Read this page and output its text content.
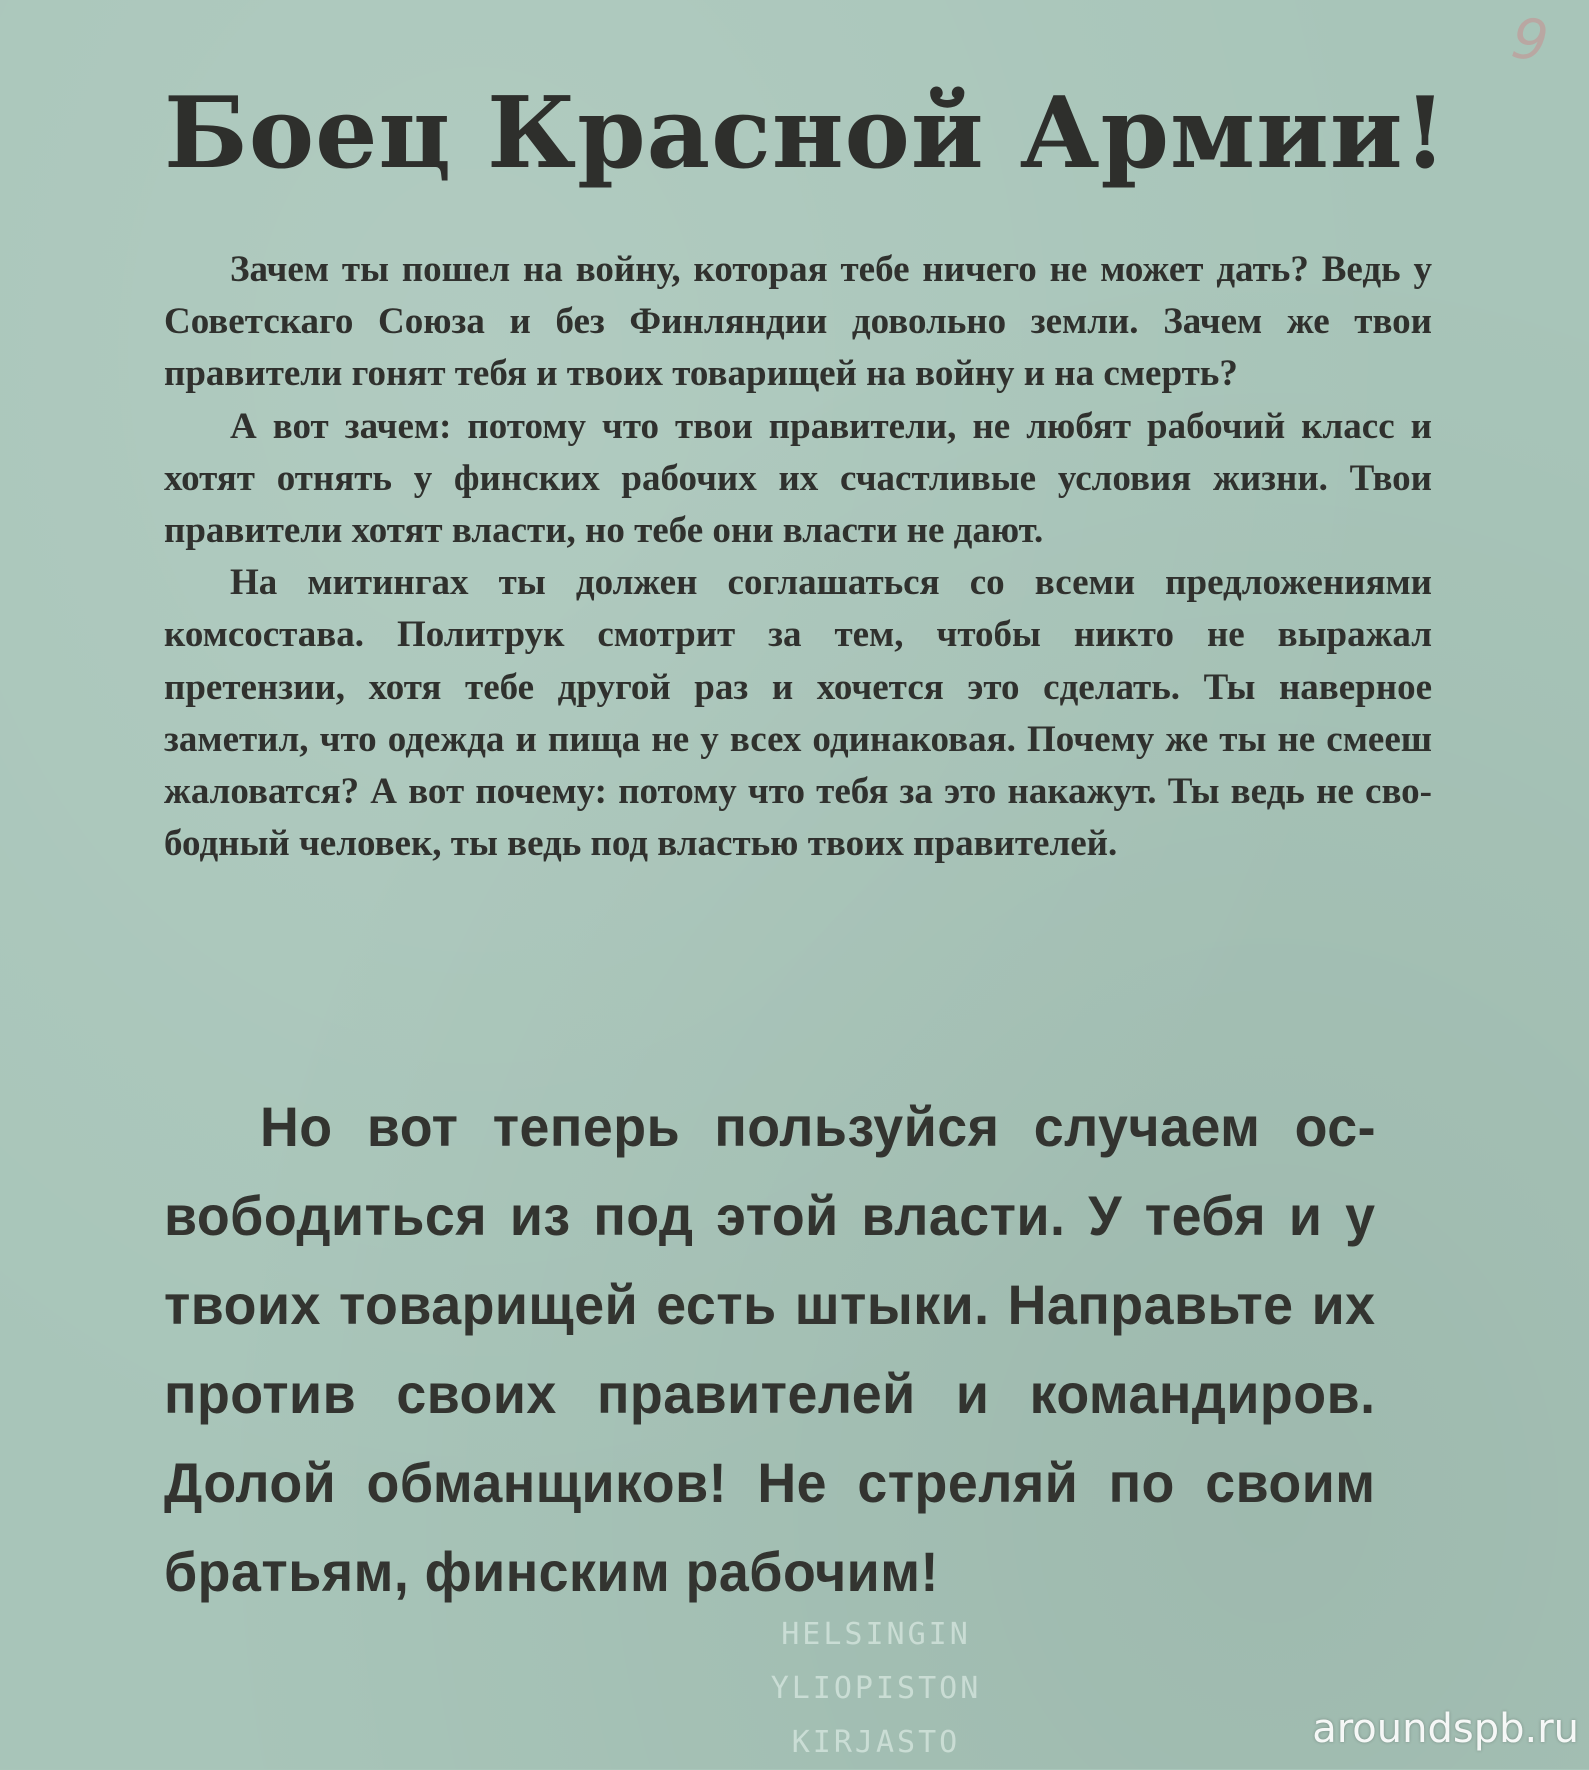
9
Боец Красной Армии!

Зачем ты пошел на войну, которая тебе ничего не может дать? Ведь у Советскаго Союза и без Финляндии довольно земли. Зачем же твои правители гонят тебя и твоих товарищей на войну и на смерть?

А вот зачем: потому что твои правители, не любят рабочий класс и хотят отнять у финских рабочих их счастливые условия жизни. Твои правители хотят власти, но тебе они власти не дают.

На митингах ты должен соглашаться со всеми предложениями комсостава. Политрук смотрит за тем, чтобы никто не выражал претензии, хотя тебе другой раз и хочется это сделать. Ты наверное заметил, что одежда и пища не у всех одинаковая. Почему же ты не смееш жаловатся? А вот почему: потому что тебя за это накажут. Ты ведь не свободный человек, ты ведь под властью твоих правителей.

Но вот теперь пользуйся случаем освободиться из под этой власти. У тебя и у твоих товарищей есть штыки. Направьте их против своих правителей и командиров. Долой обманщиков! Не стреляй по своим братьям, финским рабочим!

HELSINGIN
YLIOPISTON
KIRJASTO	aroundspb.ru
